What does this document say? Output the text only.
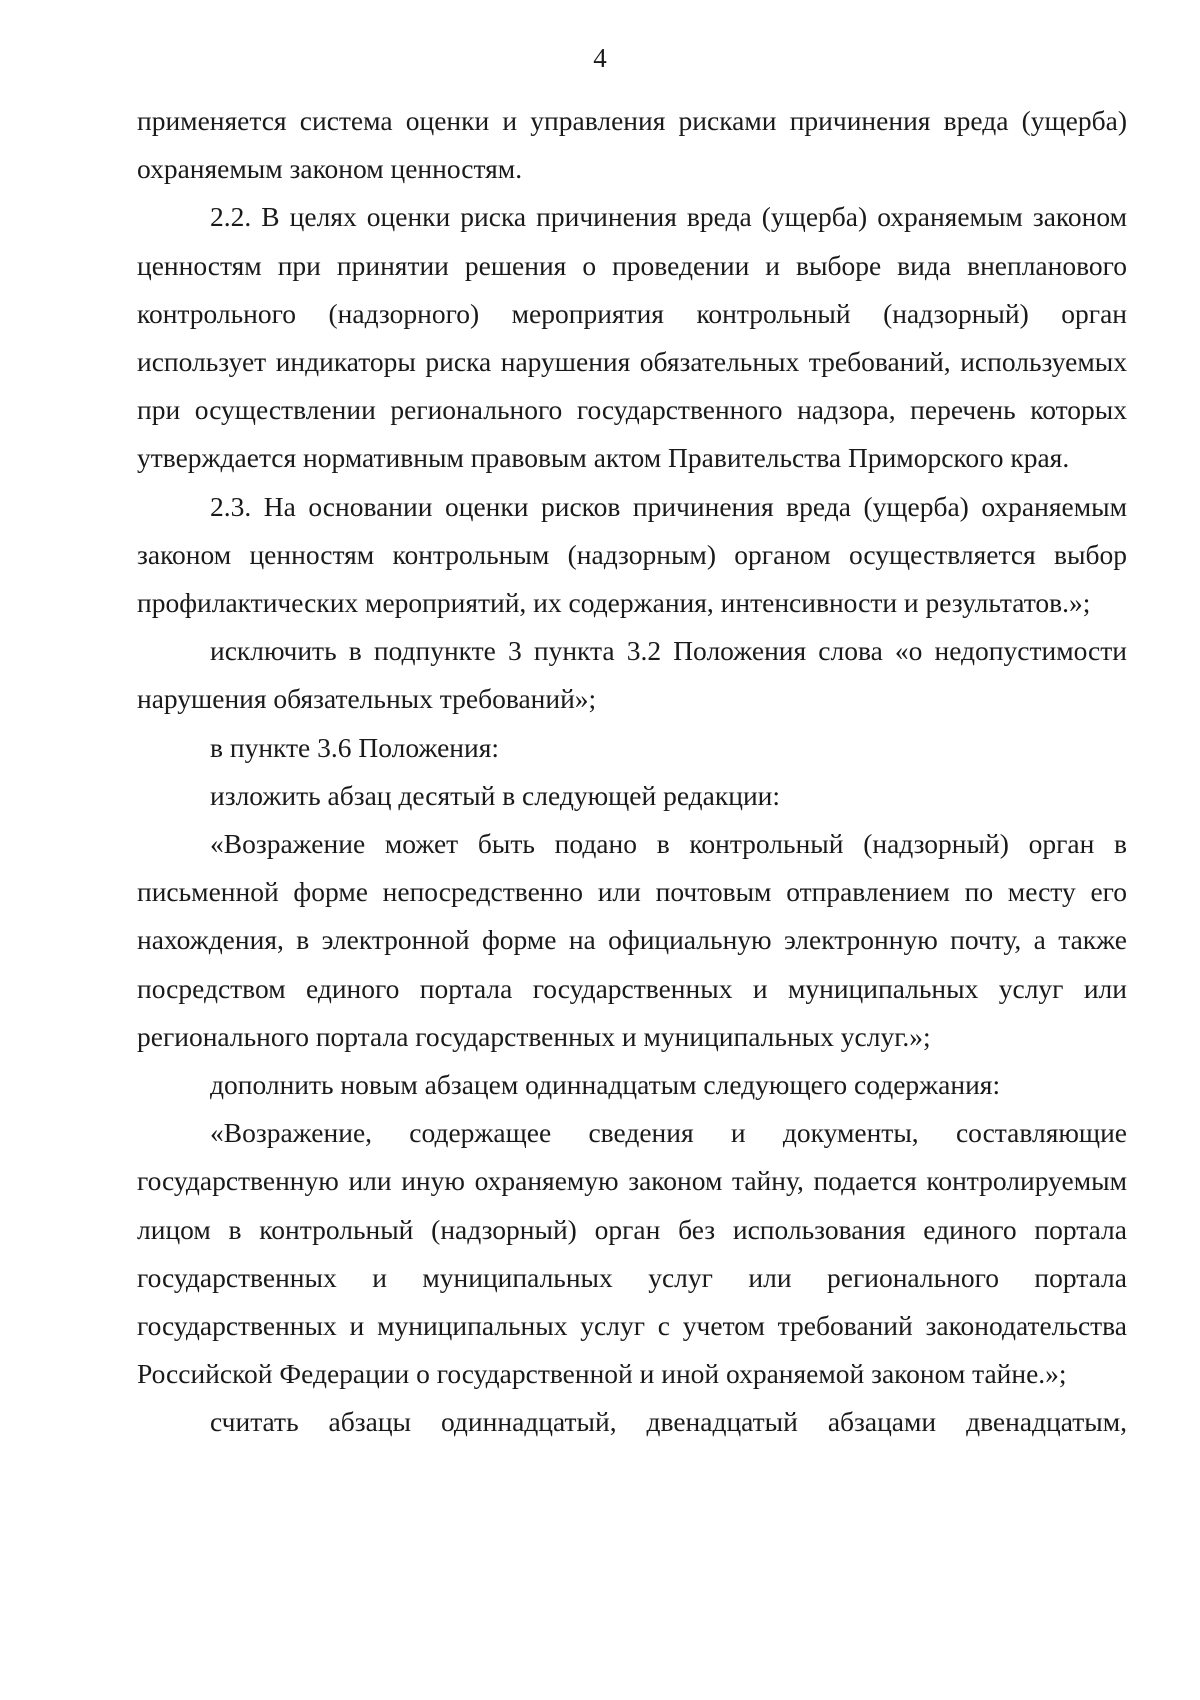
4

применяется система оценки и управления рисками причинения вреда (ущерба) охраняемым законом ценностям.

2.2. В целях оценки риска причинения вреда (ущерба) охраняемым законом ценностям при принятии решения о проведении и выборе вида внепланового контрольного (надзорного) мероприятия контрольный (надзорный) орган использует индикаторы риска нарушения обязательных требований, используемых при осуществлении регионального государственного надзора, перечень которых утверждается нормативным правовым актом Правительства Приморского края.

2.3. На основании оценки рисков причинения вреда (ущерба) охраняемым законом ценностям контрольным (надзорным) органом осуществляется выбор профилактических мероприятий, их содержания, интенсивности и результатов.»;

исключить в подпункте 3 пункта 3.2 Положения слова «о недопустимости нарушения обязательных требований»;

в пункте 3.6 Положения:

изложить абзац десятый в следующей редакции:

«Возражение может быть подано в контрольный (надзорный) орган в письменной форме непосредственно или почтовым отправлением по месту его нахождения, в электронной форме на официальную электронную почту, а также посредством единого портала государственных и муниципальных услуг или регионального портала государственных и муниципальных услуг.»;

дополнить новым абзацем одиннадцатым следующего содержания:

«Возражение, содержащее сведения и документы, составляющие государственную или иную охраняемую законом тайну, подается контролируемым лицом в контрольный (надзорный) орган без использования единого портала государственных и муниципальных услуг или регионального портала государственных и муниципальных услуг с учетом требований законодательства Российской Федерации о государственной и иной охраняемой законом тайне.»;

считать абзацы одиннадцатый, двенадцатый абзацами двенадцатым,
